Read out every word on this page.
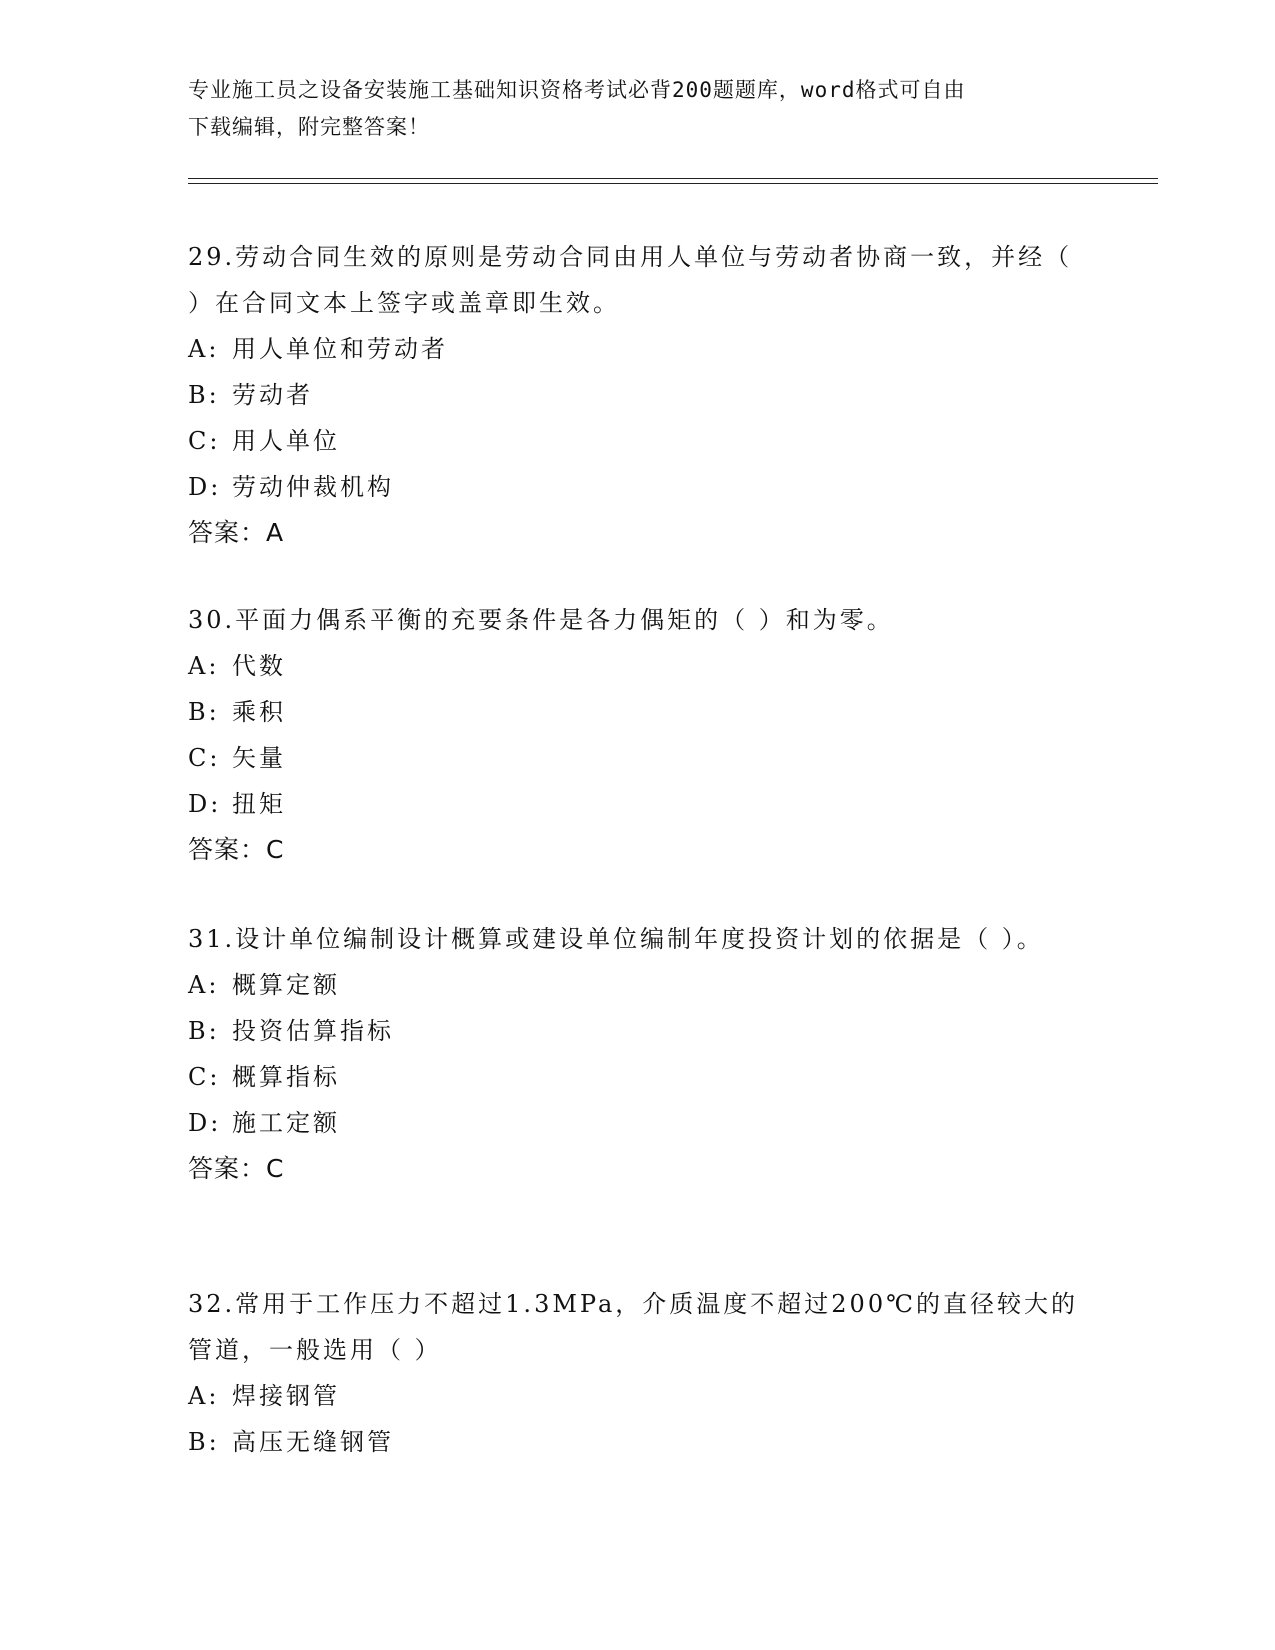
专业施工员之设备安装施工基础知识资格考试必背200题题库，word格式可自由
下载编辑，附完整答案！
29.劳动合同生效的原则是劳动合同由用人单位与劳动者协商一致，并经（ ）在合同文本上签字或盖章即生效。
A: 用人单位和劳动者
B: 劳动者
C: 用人单位
D: 劳动仲裁机构
答案：A
30.平面力偶系平衡的充要条件是各力偶矩的（ ）和为零。
A: 代数
B: 乘积
C: 矢量
D: 扭矩
答案：C
31.设计单位编制设计概算或建设单位编制年度投资计划的依据是（ ）。
A: 概算定额
B: 投资估算指标
C: 概算指标
D: 施工定额
答案：C
32.常用于工作压力不超过1.3MPa，介质温度不超过200℃的直径较大的管道，一般选用（ ）
A: 焊接钢管
B: 高压无缝钢管
